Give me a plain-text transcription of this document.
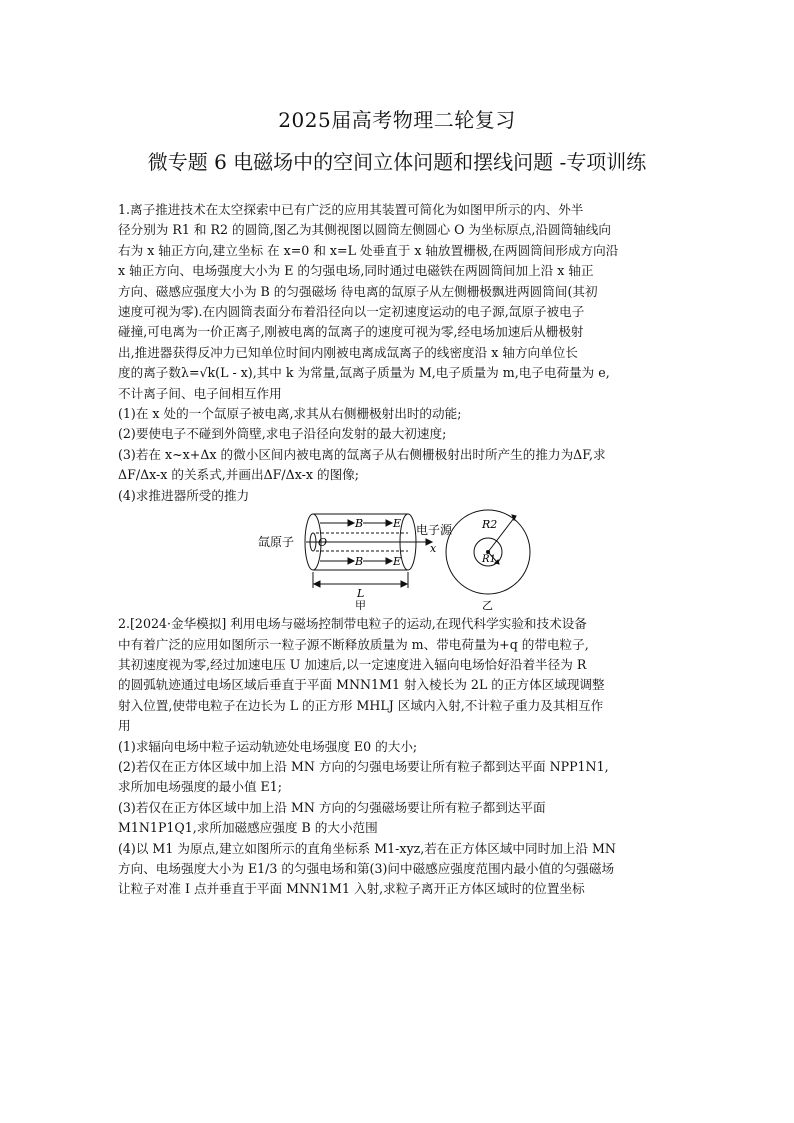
2025届高考物理二轮复习
微专题 6 电磁场中的空间立体问题和摆线问题 -专项训练

1.离子推进技术在太空探索中已有广泛的应用其装置可简化为如图甲所示的内、外半

径分别为 R1 和 R2 的圆筒,图乙为其侧视图以圆筒左侧圆心 O 为坐标原点,沿圆筒轴线向

右为 x 轴正方向,建立坐标 在 x=0 和 x=L 处垂直于 x 轴放置栅极,在两圆筒间形成方向沿

x 轴正方向、电场强度大小为 E 的匀强电场,同时通过电磁铁在两圆筒间加上沿 x 轴正

方向、磁感应强度大小为 B 的匀强磁场 待电离的氙原子从左侧栅极飘进两圆筒间(其初

速度可视为零).在内圆筒表面分布着沿径向以一定初速度运动的电子源,氙原子被电子

碰撞,可电离为一价正离子,刚被电离的氙离子的速度可视为零,经电场加速后从栅极射

出,推进器获得反冲力已知单位时间内刚被电离成氙离子的线密度沿 x 轴方向单位长

度的离子数λ=√k(L - x),其中 k 为常量,氙离子质量为 M,电子质量为 m,电子电荷量为 e,

不计离子间、电子间相互作用

(1)在 x 处的一个氙原子被电离,求其从右侧栅极射出时的动能;

(2)要使电子不碰到外筒壁,求电子沿径向发射的最大初速度;

(3)若在 x~x+Δx 的微小区间内被电离的氙离子从右侧栅极射出时所产生的推力为ΔF,求

ΔF/Δx-x 的关系式,并画出ΔF/Δx-x 的图像;

(4)求推进器所受的推力

氙原子 O
B	E
B	E
电子源
x
L
甲
R2
R1
乙

2.[2024·金华模拟] 利用电场与磁场控制带电粒子的运动,在现代科学实验和技术设备

中有着广泛的应用如图所示一粒子源不断释放质量为 m、带电荷量为+q 的带电粒子,

其初速度视为零,经过加速电压 U 加速后,以一定速度进入辐向电场恰好沿着半径为 R

的圆弧轨迹通过电场区域后垂直于平面 MNN1M1 射入棱长为 2L 的正方体区域现调整

射入位置,使带电粒子在边长为 L 的正方形 MHLJ 区域内入射,不计粒子重力及其相互作

用

(1)求辐向电场中粒子运动轨迹处电场强度 E0 的大小;

(2)若仅在正方体区域中加上沿 MN 方向的匀强电场要让所有粒子都到达平面 NPP1N1,

求所加电场强度的最小值 E1;

(3)若仅在正方体区域中加上沿 MN 方向的匀强磁场要让所有粒子都到达平面

M1N1P1Q1,求所加磁感应强度 B 的大小范围

(4)以 M1 为原点,建立如图所示的直角坐标系 M1-xyz,若在正方体区域中同时加上沿 MN

方向、电场强度大小为 E1/3 的匀强电场和第(3)问中磁感应强度范围内最小值的匀强磁场

让粒子对准 I 点并垂直于平面 MNN1M1 入射,求粒子离开正方体区域时的位置坐标
